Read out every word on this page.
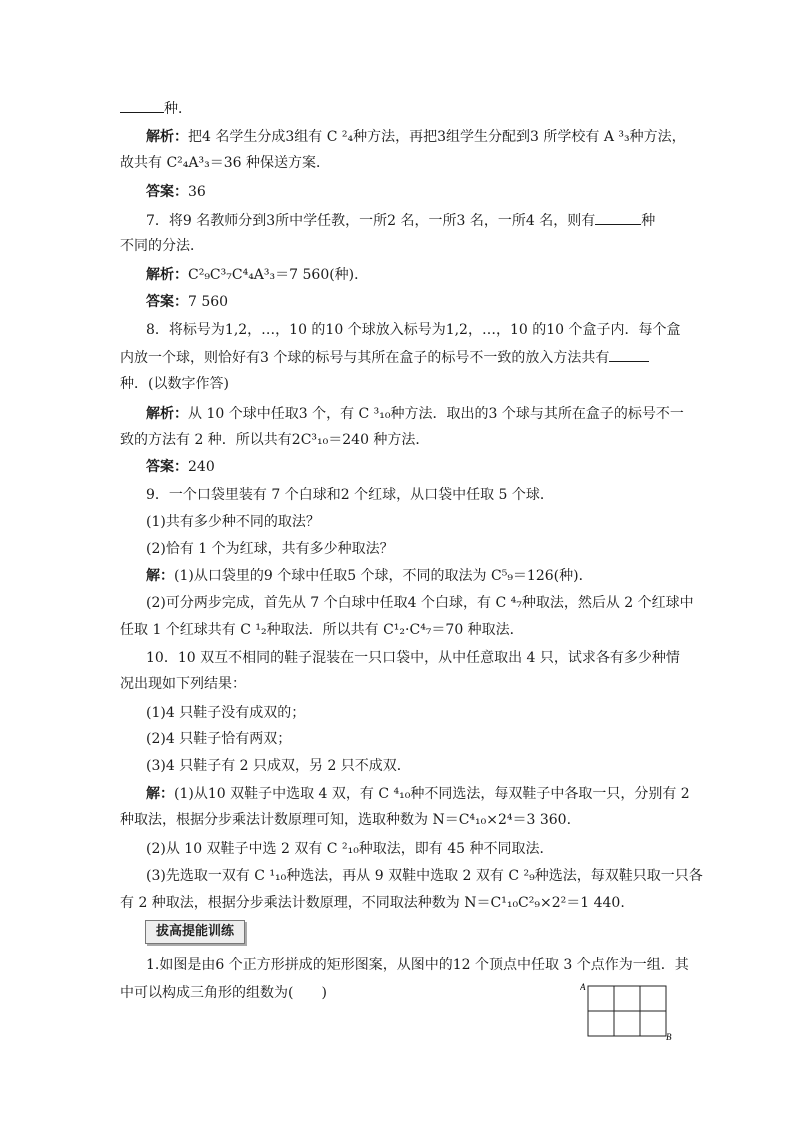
种．
解析：把4 名学生分成3组有 C ²₄种方法，再把3组学生分配到3 所学校有 A ³₃种方法，
故共有 C²₄A³₃＝36 种保送方案．
答案：36
7．将9 名教师分到3所中学任教，一所2 名，一所3 名，一所4 名，则有	种
不同的分法．
解析：C²₉C³₇C⁴₄A³₃＝7 560(种)．
答案：7 560
8．将标号为1,2，…，10 的10 个球放入标号为1,2，…，10 的10 个盒子内．每个盒
内放一个球，则恰好有3 个球的标号与其所在盒子的标号不一致的放入方法共有
种．(以数字作答)
解析：从 10 个球中任取3 个，有 C ³₁₀种方法．取出的3 个球与其所在盒子的标号不一
致的方法有 2 种．所以共有2C³₁₀＝240 种方法．
答案：240
9．一个口袋里装有 7 个白球和2 个红球，从口袋中任取 5 个球．
(1)共有多少种不同的取法？
(2)恰有 1 个为红球，共有多少种取法？
解：(1)从口袋里的9 个球中任取5 个球，不同的取法为 C⁵₉＝126(种)．
(2)可分两步完成，首先从 7 个白球中任取4 个白球，有 C ⁴₇种取法，然后从 2 个红球中
任取 1 个红球共有 C ¹₂种取法．所以共有 C¹₂·C⁴₇＝70 种取法．
10．10 双互不相同的鞋子混装在一只口袋中，从中任意取出 4 只，试求各有多少种情
况出现如下列结果：
(1)4 只鞋子没有成双的；
(2)4 只鞋子恰有两双；
(3)4 只鞋子有 2 只成双，另 2 只不成双．
解：(1)从10 双鞋子中选取 4 双，有 C ⁴₁₀种不同选法，每双鞋子中各取一只，分别有 2
种取法，根据分步乘法计数原理可知，选取种数为 N＝C⁴₁₀×2⁴＝3 360.
(2)从 10 双鞋子中选 2 双有 C ²₁₀种取法，即有 45 种不同取法．
(3)先选取一双有 C ¹₁₀种选法，再从 9 双鞋中选取 2 双有 C ²₉种选法，每双鞋只取一只各
有 2 种取法，根据分步乘法计数原理，不同取法种数为 N＝C¹₁₀C²₉×2²＝1 440.
拔高提能训练
1.如图是由6 个正方形拼成的矩形图案，从图中的12 个顶点中任取 3 个点作为一组．其
中可以构成三角形的组数为(　　)	A
B
